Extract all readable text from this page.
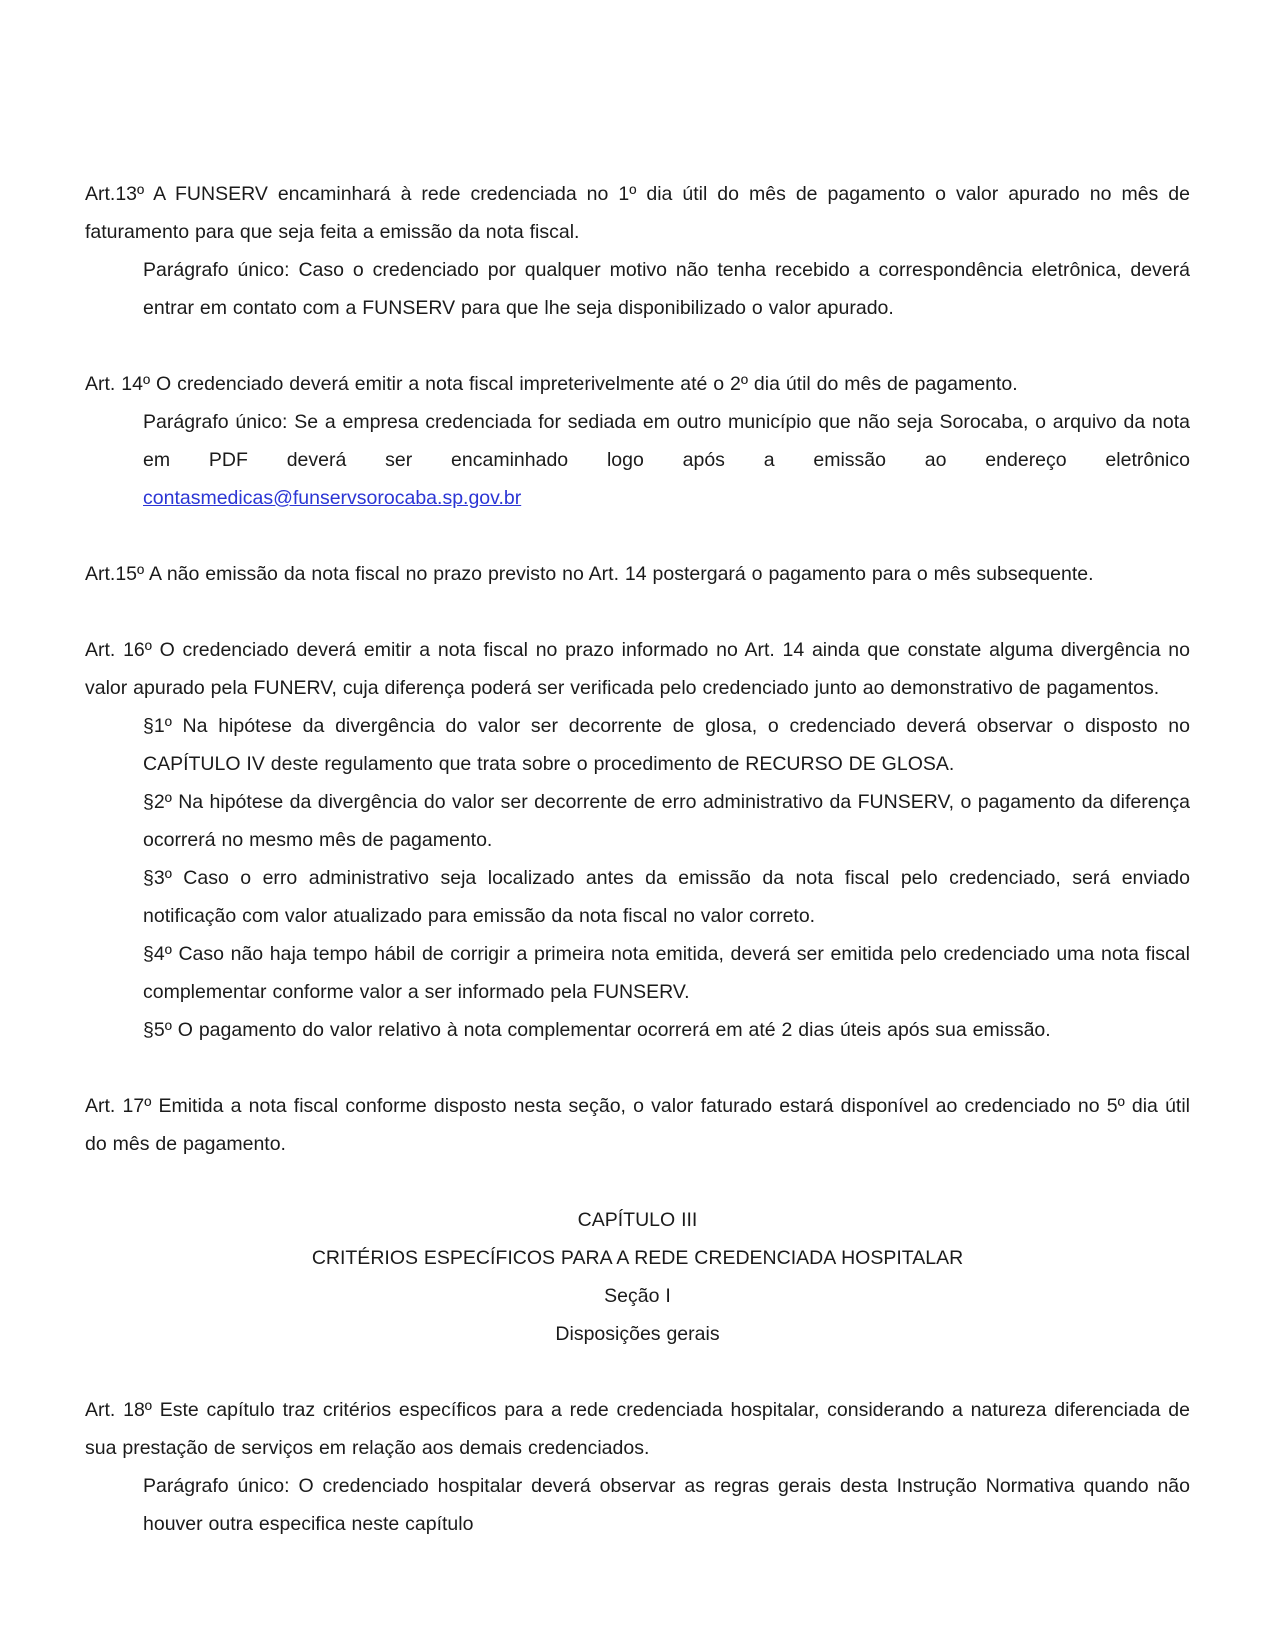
Art.13º A FUNSERV encaminhará à rede credenciada no 1º dia útil do mês de pagamento o valor apurado no mês de faturamento para que seja feita a emissão da nota fiscal.

Parágrafo único: Caso o credenciado por qualquer motivo não tenha recebido a correspondência eletrônica, deverá entrar em contato com a FUNSERV para que lhe seja disponibilizado o valor apurado.

Art. 14º O credenciado deverá emitir a nota fiscal impreterivelmente até o 2º dia útil do mês de pagamento.

Parágrafo único: Se a empresa credenciada for sediada em outro município que não seja Sorocaba, o arquivo da nota em PDF deverá ser encaminhado logo após a emissão ao endereço eletrônico contasmedicas@funservsorocaba.sp.gov.br

Art.15º A não emissão da nota fiscal no prazo previsto no Art. 14 postergará o pagamento para o mês subsequente.

Art. 16º O credenciado deverá emitir a nota fiscal no prazo informado no Art. 14 ainda que constate alguma divergência no valor apurado pela FUNERV, cuja diferença poderá ser verificada pelo credenciado junto ao demonstrativo de pagamentos.

§1º Na hipótese da divergência do valor ser decorrente de glosa, o credenciado deverá observar o disposto no CAPÍTULO IV deste regulamento que trata sobre o procedimento de RECURSO DE GLOSA.

§2º Na hipótese da divergência do valor ser decorrente de erro administrativo da FUNSERV, o pagamento da diferença ocorrerá no mesmo mês de pagamento.

§3º Caso o erro administrativo seja localizado antes da emissão da nota fiscal pelo credenciado, será enviado notificação com valor atualizado para emissão da nota fiscal no valor correto.

§4º Caso não haja tempo hábil de corrigir a primeira nota emitida, deverá ser emitida pelo credenciado uma nota fiscal complementar conforme valor a ser informado pela FUNSERV.

§5º O pagamento do valor relativo à nota complementar ocorrerá em até 2 dias úteis após sua emissão.

Art. 17º Emitida a nota fiscal conforme disposto nesta seção, o valor faturado estará disponível ao credenciado no 5º dia útil do mês de pagamento.

CAPÍTULO III

CRITÉRIOS ESPECÍFICOS PARA A REDE CREDENCIADA HOSPITALAR

Seção I

Disposições gerais

Art. 18º Este capítulo traz critérios específicos para a rede credenciada hospitalar, considerando a natureza diferenciada de sua prestação de serviços em relação aos demais credenciados.

Parágrafo único: O credenciado hospitalar deverá observar as regras gerais desta Instrução Normativa quando não houver outra especifica neste capítulo
